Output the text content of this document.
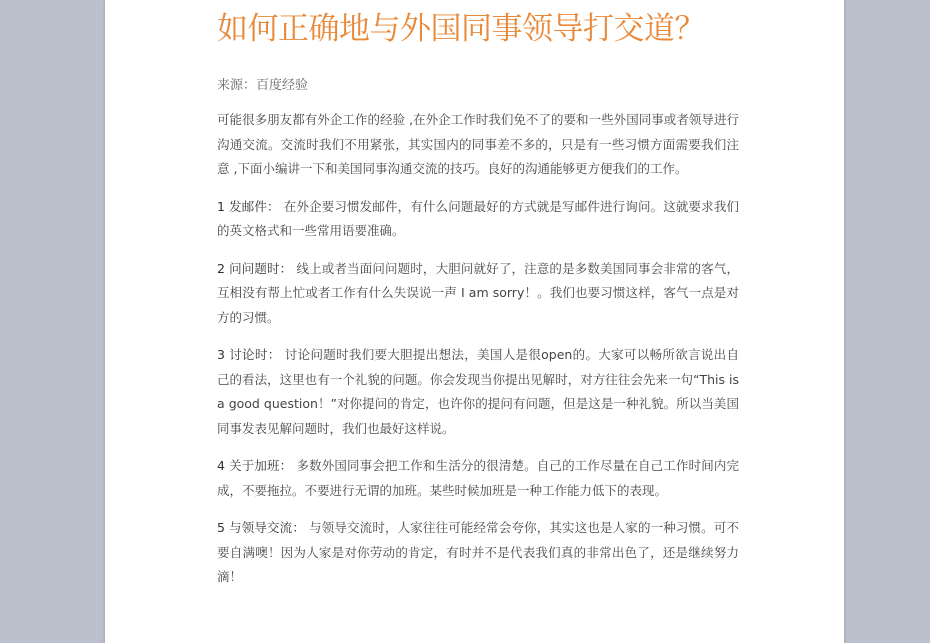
如何正确地与外国同事领导打交道？
来源：百度经验

可能很多朋友都有外企工作的经验 ,在外企工作时我们免不了的要和一些外国同事或者领导进行沟通交流。交流时我们不用紧张，其实国内的同事差不多的，只是有一些习惯方面需要我们注意 ,下面小编讲一下和美国同事沟通交流的技巧。良好的沟通能够更方便我们的工作。

1 发邮件： 在外企要习惯发邮件，有什么问题最好的方式就是写邮件进行询问。这就要求我们的英文格式和一些常用语要准确。

2 问问题时： 线上或者当面问问题时，大胆问就好了，注意的是多数美国同事会非常的客气，互相没有帮上忙或者工作有什么失误说一声 I am sorry！。我们也要习惯这样，客气一点是对方的习惯。

3 讨论时： 讨论问题时我们要大胆提出想法，美国人是很open的。大家可以畅所欲言说出自己的看法，这里也有一个礼貌的问题。你会发现当你提出见解时，对方往往会先来一句“This is a good question！”对你提问的肯定，也许你的提问有问题，但是这是一种礼貌。所以当美国同事发表见解问题时，我们也最好这样说。

4 关于加班： 多数外国同事会把工作和生活分的很清楚。自己的工作尽量在自己工作时间内完成，不要拖拉。不要进行无谓的加班。某些时候加班是一种工作能力低下的表现。

5 与领导交流： 与领导交流时，人家往往可能经常会夸你，其实这也是人家的一种习惯。可不要自满噢！因为人家是对你劳动的肯定，有时并不是代表我们真的非常出色了，还是继续努力滴！
